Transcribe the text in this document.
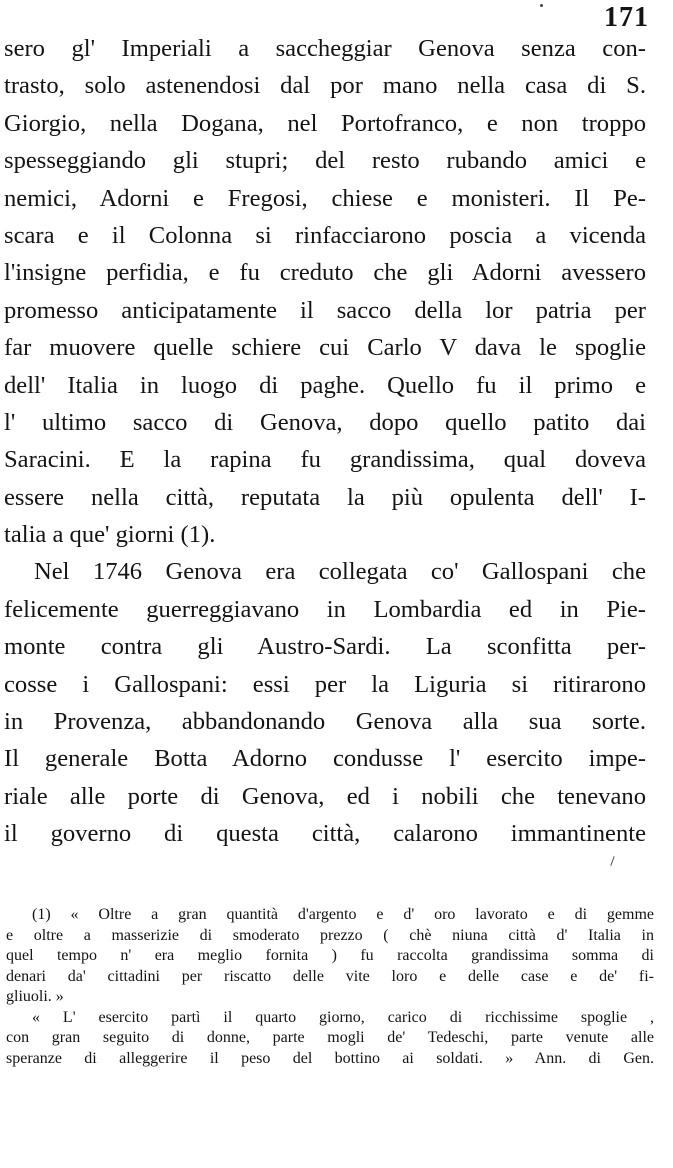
171
sero gl' Imperiali a saccheggiar Genova senza con-
trasto, solo astenendosi dal por mano nella casa di S.
Giorgio, nella Dogana, nel Portofranco, e non troppo
spesseggiando gli stupri; del resto rubando amici e
nemici, Adorni e Fregosi, chiese e monisteri. Il Pe-
scara e il Colonna si rinfacciarono poscia a vicenda
l'insigne perfidia, e fu creduto che gli Adorni avessero
promesso anticipatamente il sacco della lor patria per
far muovere quelle schiere cui Carlo V dava le spoglie
dell' Italia in luogo di paghe. Quello fu il primo e
l' ultimo sacco di Genova, dopo quello patito dai
Saracini. E la rapina fu grandissima, qual doveva
essere nella città, reputata la più opulenta dell' I-
talia a que' giorni (1).
Nel 1746 Genova era collegata co' Gallospani che
felicemente guerreggiavano in Lombardia ed in Pie-
monte contra gli Austro-Sardi. La sconfitta per-
cosse i Gallospani: essi per la Liguria si ritirarono
in Provenza, abbandonando Genova alla sua sorte.
Il generale Botta Adorno condusse l' esercito impe-
riale alle porte di Genova, ed i nobili che tenevano
il governo di questa città, calarono immantinente
(1) « Oltre a gran quantità d'argento e d' oro lavorato e di gemme
e oltre a masserizie di smoderato prezzo ( chè niuna città d' Italia in
quel tempo n' era meglio fornita ) fu raccolta grandissima somma di
denari da' cittadini per riscatto delle vite loro e delle case e de' fi-
gliuoli. »
« L' esercito partì il quarto giorno, carico di ricchissime spoglie ,
con gran seguito di donne, parte mogli de' Tedeschi, parte venute alle
speranze di alleggerire il peso del bottino ai soldati. » Ann. di Gen.
